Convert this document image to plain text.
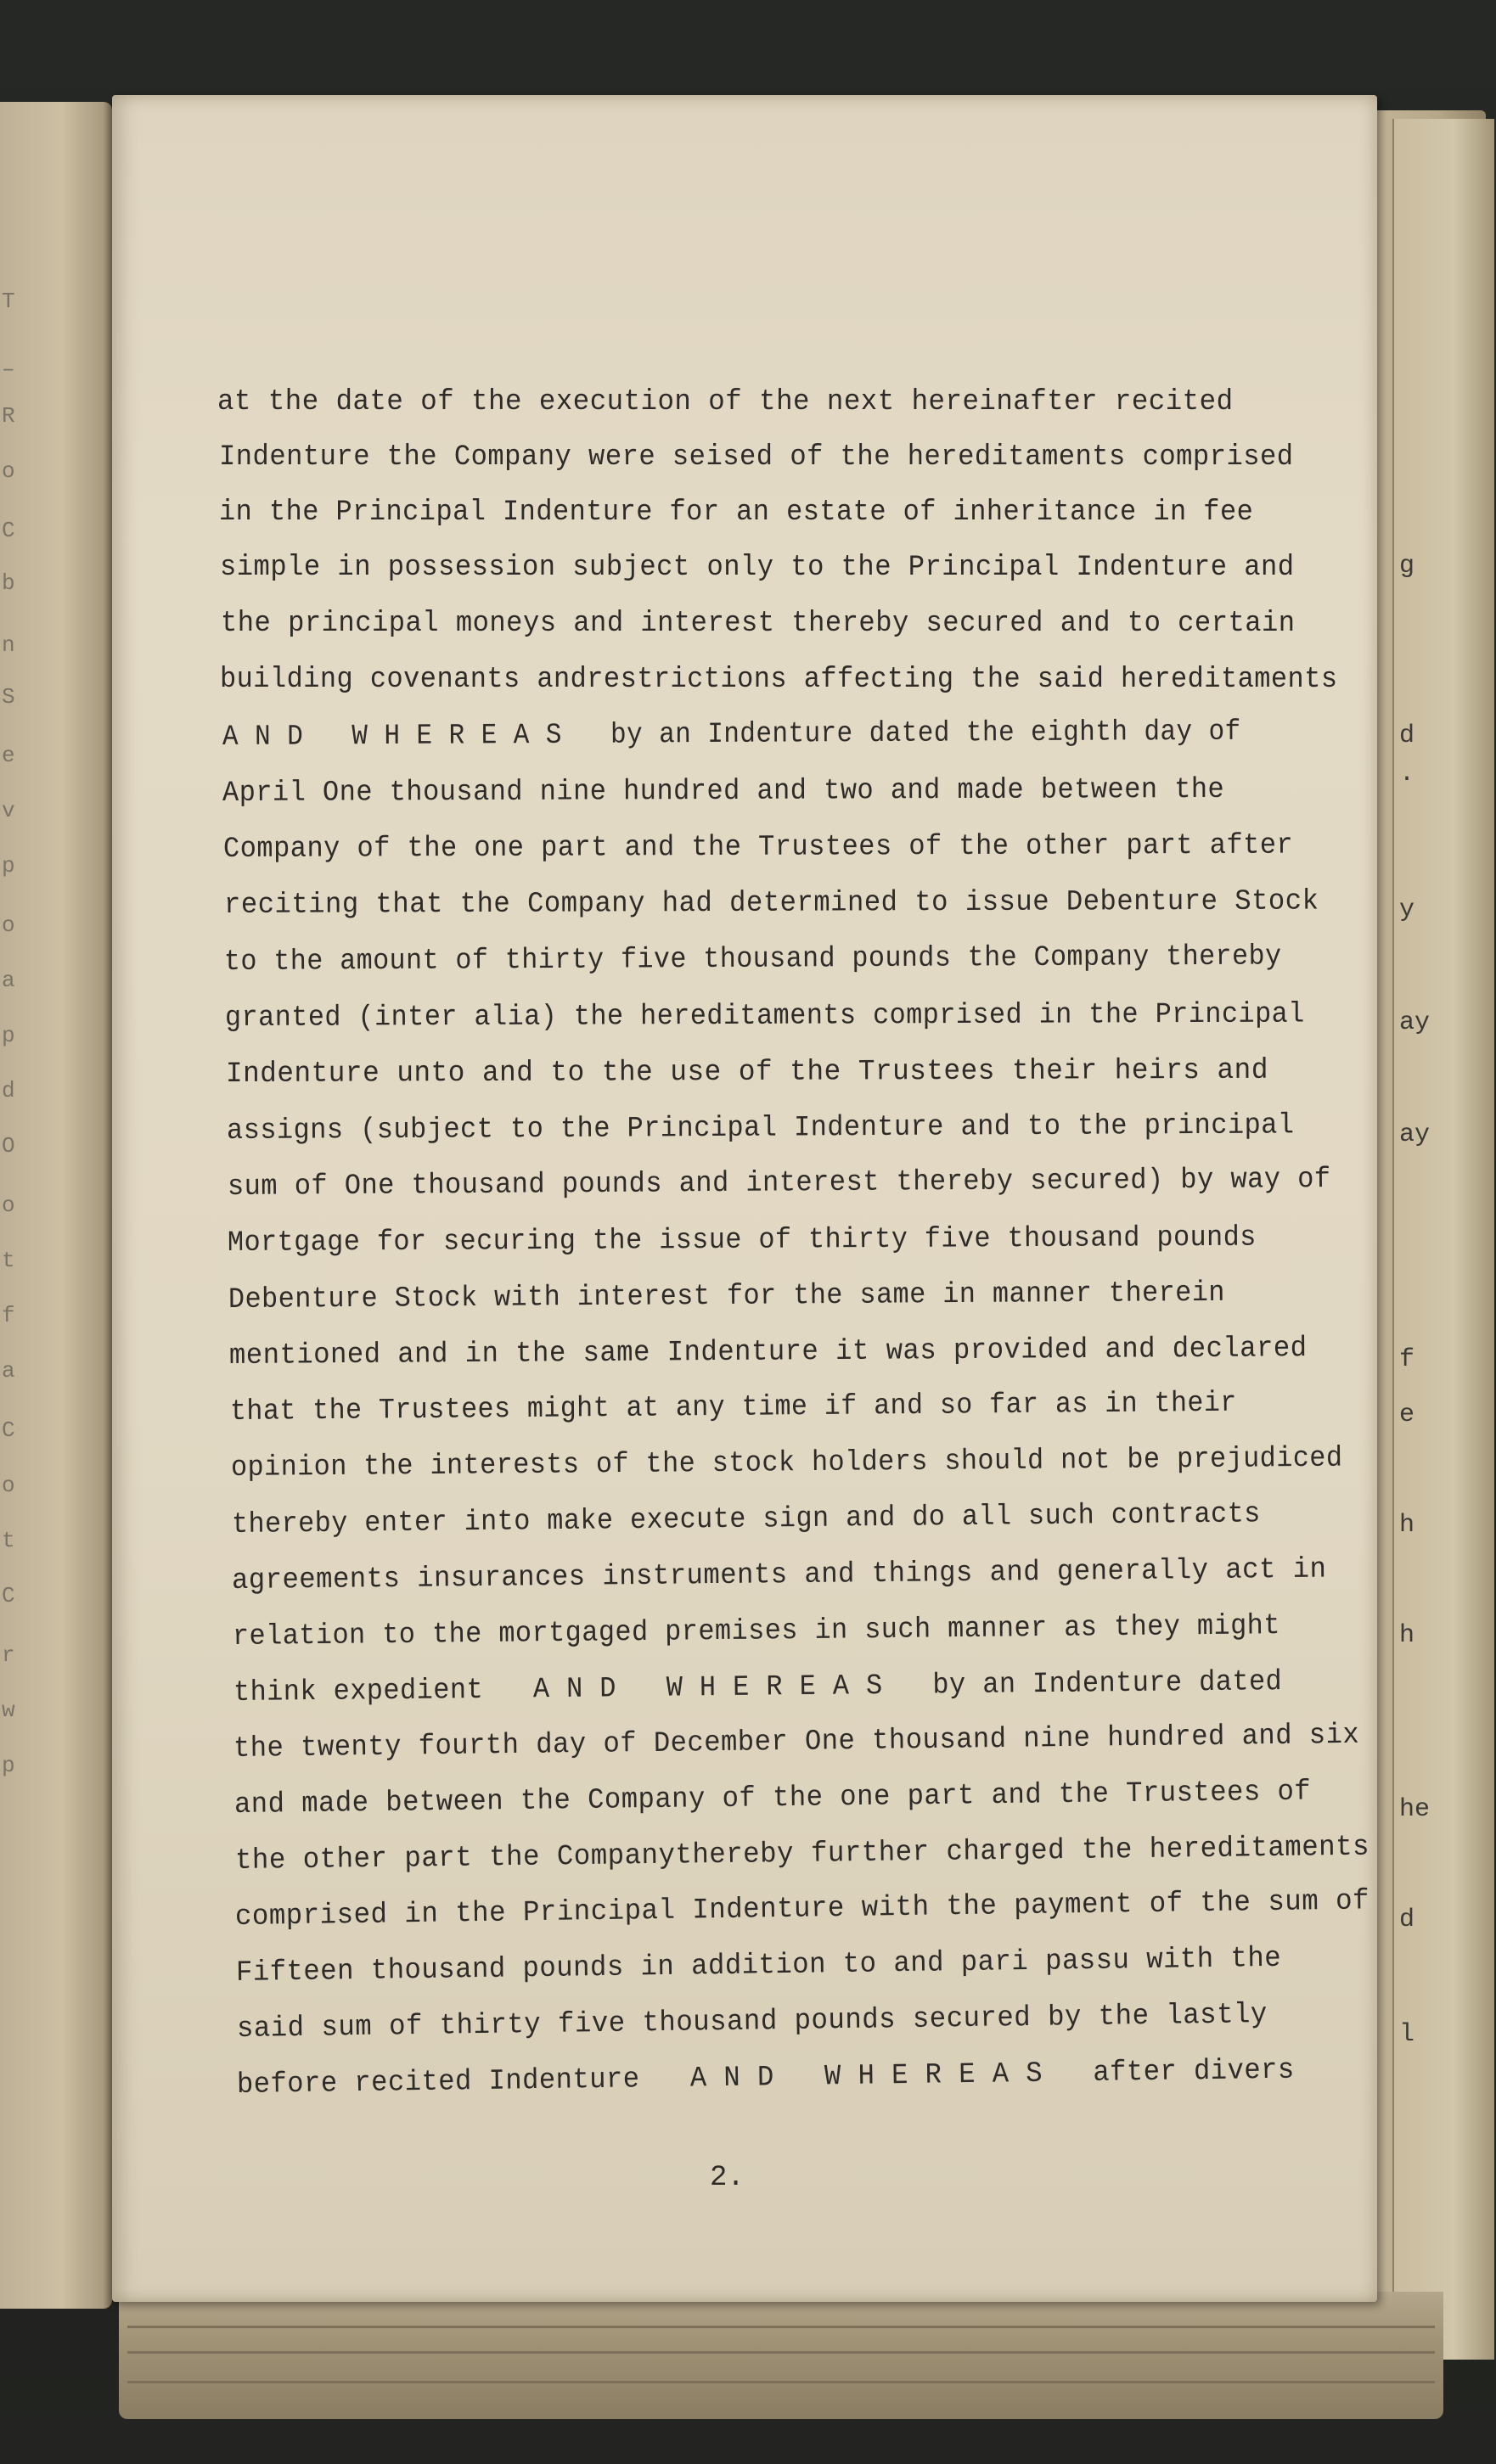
T
–
R
o
C
b
n
S
e
v
p
o
a
p
d
O
o
t
f
a
C
o
t
C
r
w
p
g
d
.
y
ay
ay
f
e
h
h
he
d
l
at the date of the execution of the next hereinafter recited
Indenture the Company were seised of the hereditaments comprised
in the Principal Indenture for an estate of inheritance in fee
simple in possession subject only to the Principal Indenture and
the principal moneys and interest thereby secured and to certain
building covenants andrestrictions affecting the said hereditaments
A N D   W H E R E A S   by an Indenture dated the eighth day of
April One thousand nine hundred and two and made between the
Company of the one part and the Trustees of the other part after
reciting that the Company had determined to issue Debenture Stock
to the amount of thirty five thousand pounds the Company thereby
granted (inter alia) the hereditaments comprised in the Principal
Indenture unto and to the use of the Trustees their heirs and
assigns (subject to the Principal Indenture and to the principal
sum of One thousand pounds and interest thereby secured) by way of
Mortgage for securing the issue of thirty five thousand pounds
Debenture Stock with interest for the same in manner therein
mentioned and in the same Indenture it was provided and declared
that the Trustees might at any time if and so far as in their
opinion the interests of the stock holders should not be prejudiced
thereby enter into make execute sign and do all such contracts
agreements insurances instruments and things and generally act in
relation to the mortgaged premises in such manner as they might
think expedient   A N D   W H E R E A S   by an Indenture dated
the twenty fourth day of December One thousand nine hundred and six
and made between the Company of the one part and the Trustees of
the other part the Companythereby further charged the hereditaments
comprised in the Principal Indenture with the payment of the sum of
Fifteen thousand pounds in addition to and pari passu with the
said sum of thirty five thousand pounds secured by the lastly
before recited Indenture   A N D   W H E R E A S   after divers
2.
